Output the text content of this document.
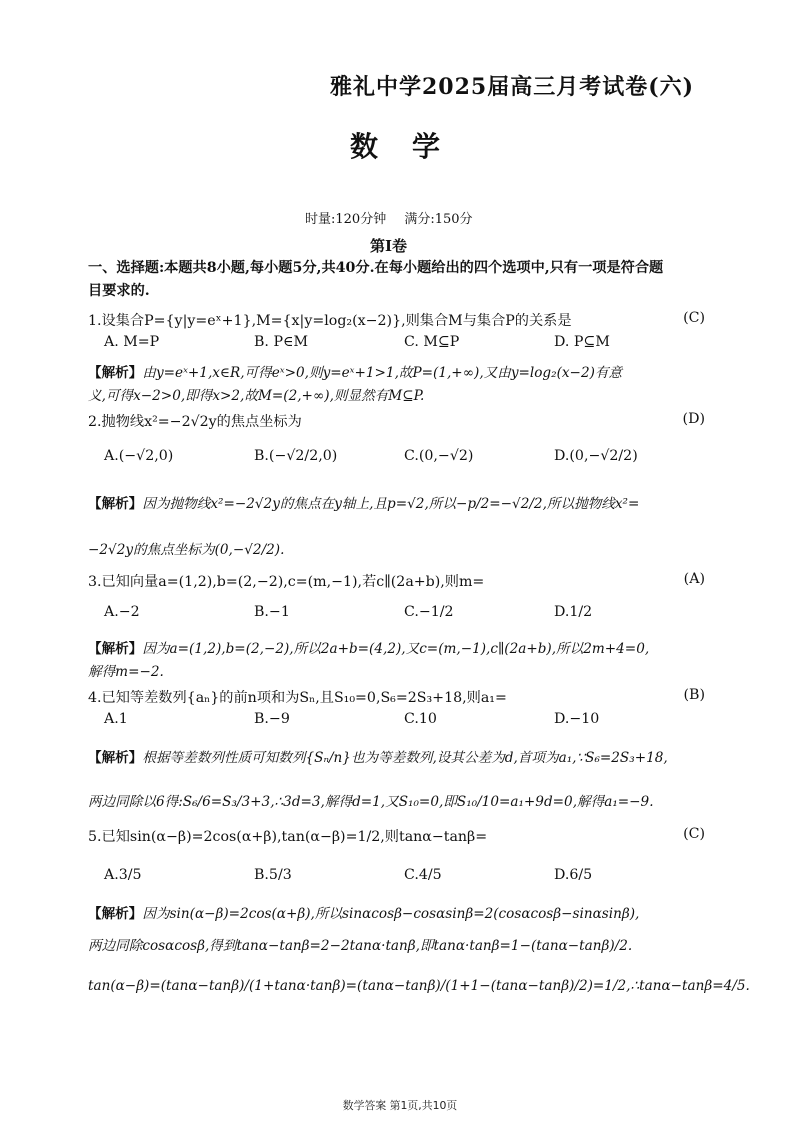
雅礼中学2025届高三月考试卷(六)
数学
时量:120分钟 满分:150分
第Ⅰ卷
一、选择题:本题共8小题,每小题5分,共40分.在每小题给出的四个选项中,只有一项是符合题
目要求的.
1.设集合P={y|y=eˣ+1},M={x|y=log₂(x−2)},则集合M与集合P的关系是	(C)
A. M=P	B. P∈M	C. M⊆P	D. P⊆M
【解析】由y=eˣ+1,x∈R,可得eˣ>0,则y=eˣ+1>1,故P=(1,+∞),又由y=log₂(x−2)有意
义,可得x−2>0,即得x>2,故M=(2,+∞),则显然有M⊆P.
2.抛物线x²=−2√2y的焦点坐标为	(D)
A.(−√2,0)	B.(−√2/2,0)	C.(0,−√2)	D.(0,−√2/2)
【解析】因为抛物线x²=−2√2y的焦点在y轴上,且p=√2,所以−p/2=−√2/2,所以抛物线x²=
−2√2y的焦点坐标为(0,−√2/2).
3.已知向量a=(1,2),b=(2,−2),c=(m,−1),若c∥(2a+b),则m=	(A)
A.−2	B.−1	C.−1/2	D.1/2
【解析】因为a=(1,2),b=(2,−2),所以2a+b=(4,2),又c=(m,−1),c∥(2a+b),所以2m+4=0,
解得m=−2.
4.已知等差数列{aₙ}的前n项和为Sₙ,且S₁₀=0,S₆=2S₃+18,则a₁=	(B)
A.1	B.−9	C.10	D.−10
【解析】根据等差数列性质可知数列{Sₙ/n}也为等差数列,设其公差为d,首项为a₁,∵S₆=2S₃+18,
两边同除以6得:S₆/6=S₃/3+3,∴3d=3,解得d=1,又S₁₀=0,即S₁₀/10=a₁+9d=0,解得a₁=−9.
5.已知sin(α−β)=2cos(α+β),tan(α−β)=1/2,则tanα−tanβ=	(C)
A.3/5	B.5/3	C.4/5	D.6/5
【解析】因为sin(α−β)=2cos(α+β),所以sinαcosβ−cosαsinβ=2(cosαcosβ−sinαsinβ),
两边同除cosαcosβ,得到tanα−tanβ=2−2tanα·tanβ,即tanα·tanβ=1−(tanα−tanβ)/2.
tan(α−β)=(tanα−tanβ)/(1+tanα·tanβ)=(tanα−tanβ)/(1+1−(tanα−tanβ)/2)=1/2,∴tanα−tanβ=4/5.
数学答案 第1页,共10页
